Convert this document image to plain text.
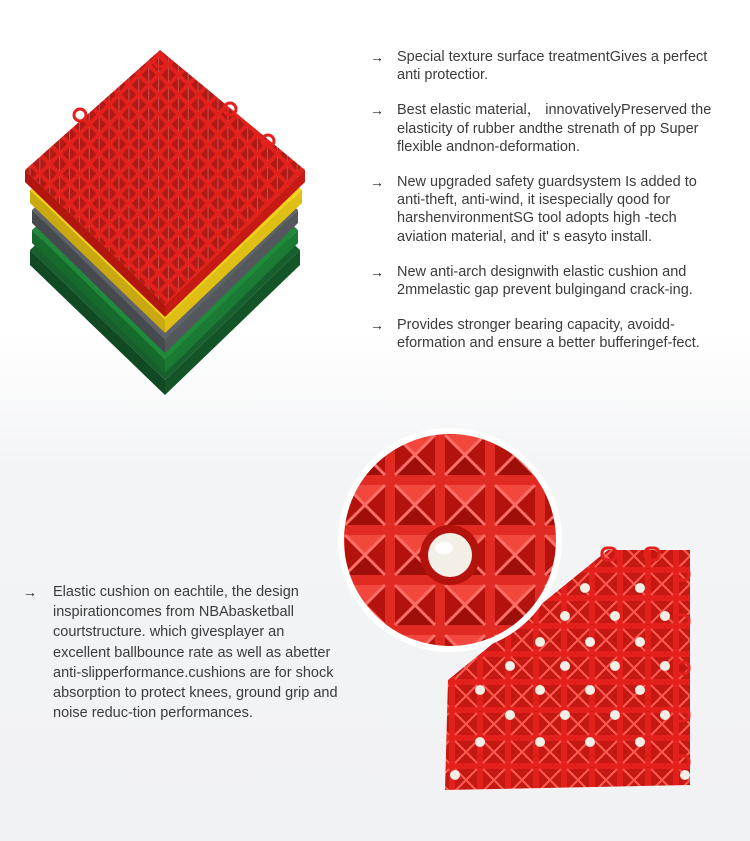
→ Special texture surface treatmentGives a perfect anti protectior.
→ Best elastic material， innovativelyPreserved the elasticity of rubber andthe strenath of pp Super flexible andnon-deformation.
→ New upgraded safety guardsystem Is added to anti-theft, anti-wind, it isespecially qood for harshenvironmentSG tool adopts high -tech aviation material, and it' s easyto install.
→ New anti-arch designwith elastic cushion and 2mmelastic gap prevent bulgingand crack-ing.
→ Provides stronger bearing capacity, avoidd-eformation and ensure a better bufferingef-fect.
→ Elastic cushion on eachtile, the design inspirationcomes from NBAbasketball courtstructure. which givesplayer an excellent ballbounce rate as well as abetter anti-slipperformance.cushions are for shock absorption to protect knees, ground grip and noise reduc-tion performances.
